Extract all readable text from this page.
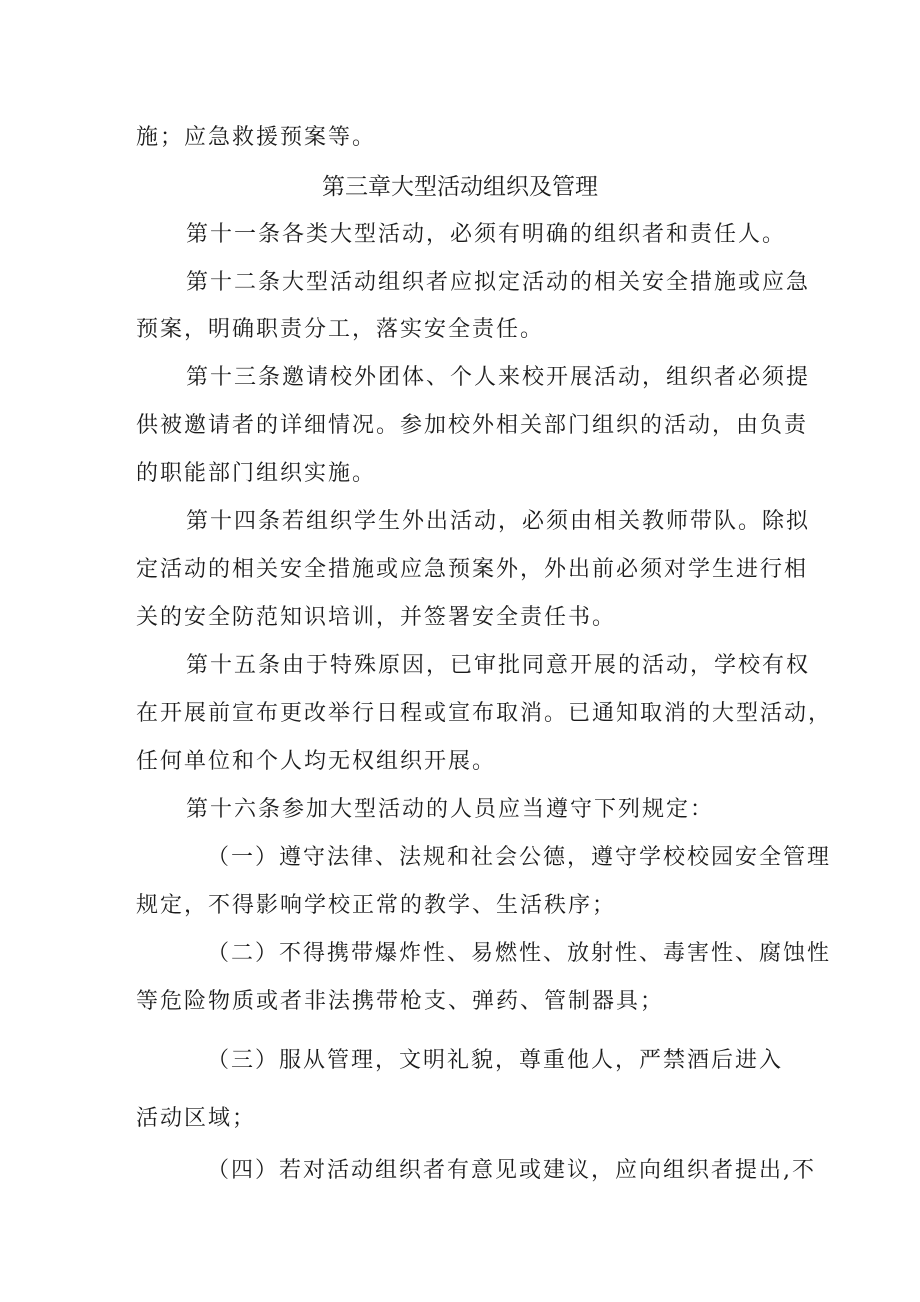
施；应急救援预案等。
第三章大型活动组织及管理
第十一条各类大型活动，必须有明确的组织者和责任人。
第十二条大型活动组织者应拟定活动的相关安全措施或应急
预案，明确职责分工，落实安全责任。
第十三条邀请校外团体、个人来校开展活动，组织者必须提
供被邀请者的详细情况。参加校外相关部门组织的活动，由负责
的职能部门组织实施。
第十四条若组织学生外出活动，必须由相关教师带队。除拟
定活动的相关安全措施或应急预案外，外出前必须对学生进行相
关的安全防范知识培训，并签署安全责任书。
第十五条由于特殊原因，已审批同意开展的活动，学校有权
在开展前宣布更改举行日程或宣布取消。已通知取消的大型活动，
任何单位和个人均无权组织开展。
第十六条参加大型活动的人员应当遵守下列规定：
（一）遵守法律、法规和社会公德，遵守学校校园安全管理
规定，不得影响学校正常的教学、生活秩序；
（二）不得携带爆炸性、易燃性、放射性、毒害性、腐蚀性
等危险物质或者非法携带枪支、弹药、管制器具；
（三）服从管理，文明礼貌，尊重他人，严禁酒后进入
活动区域；
（四）若对活动组织者有意见或建议，应向组织者提出,不
